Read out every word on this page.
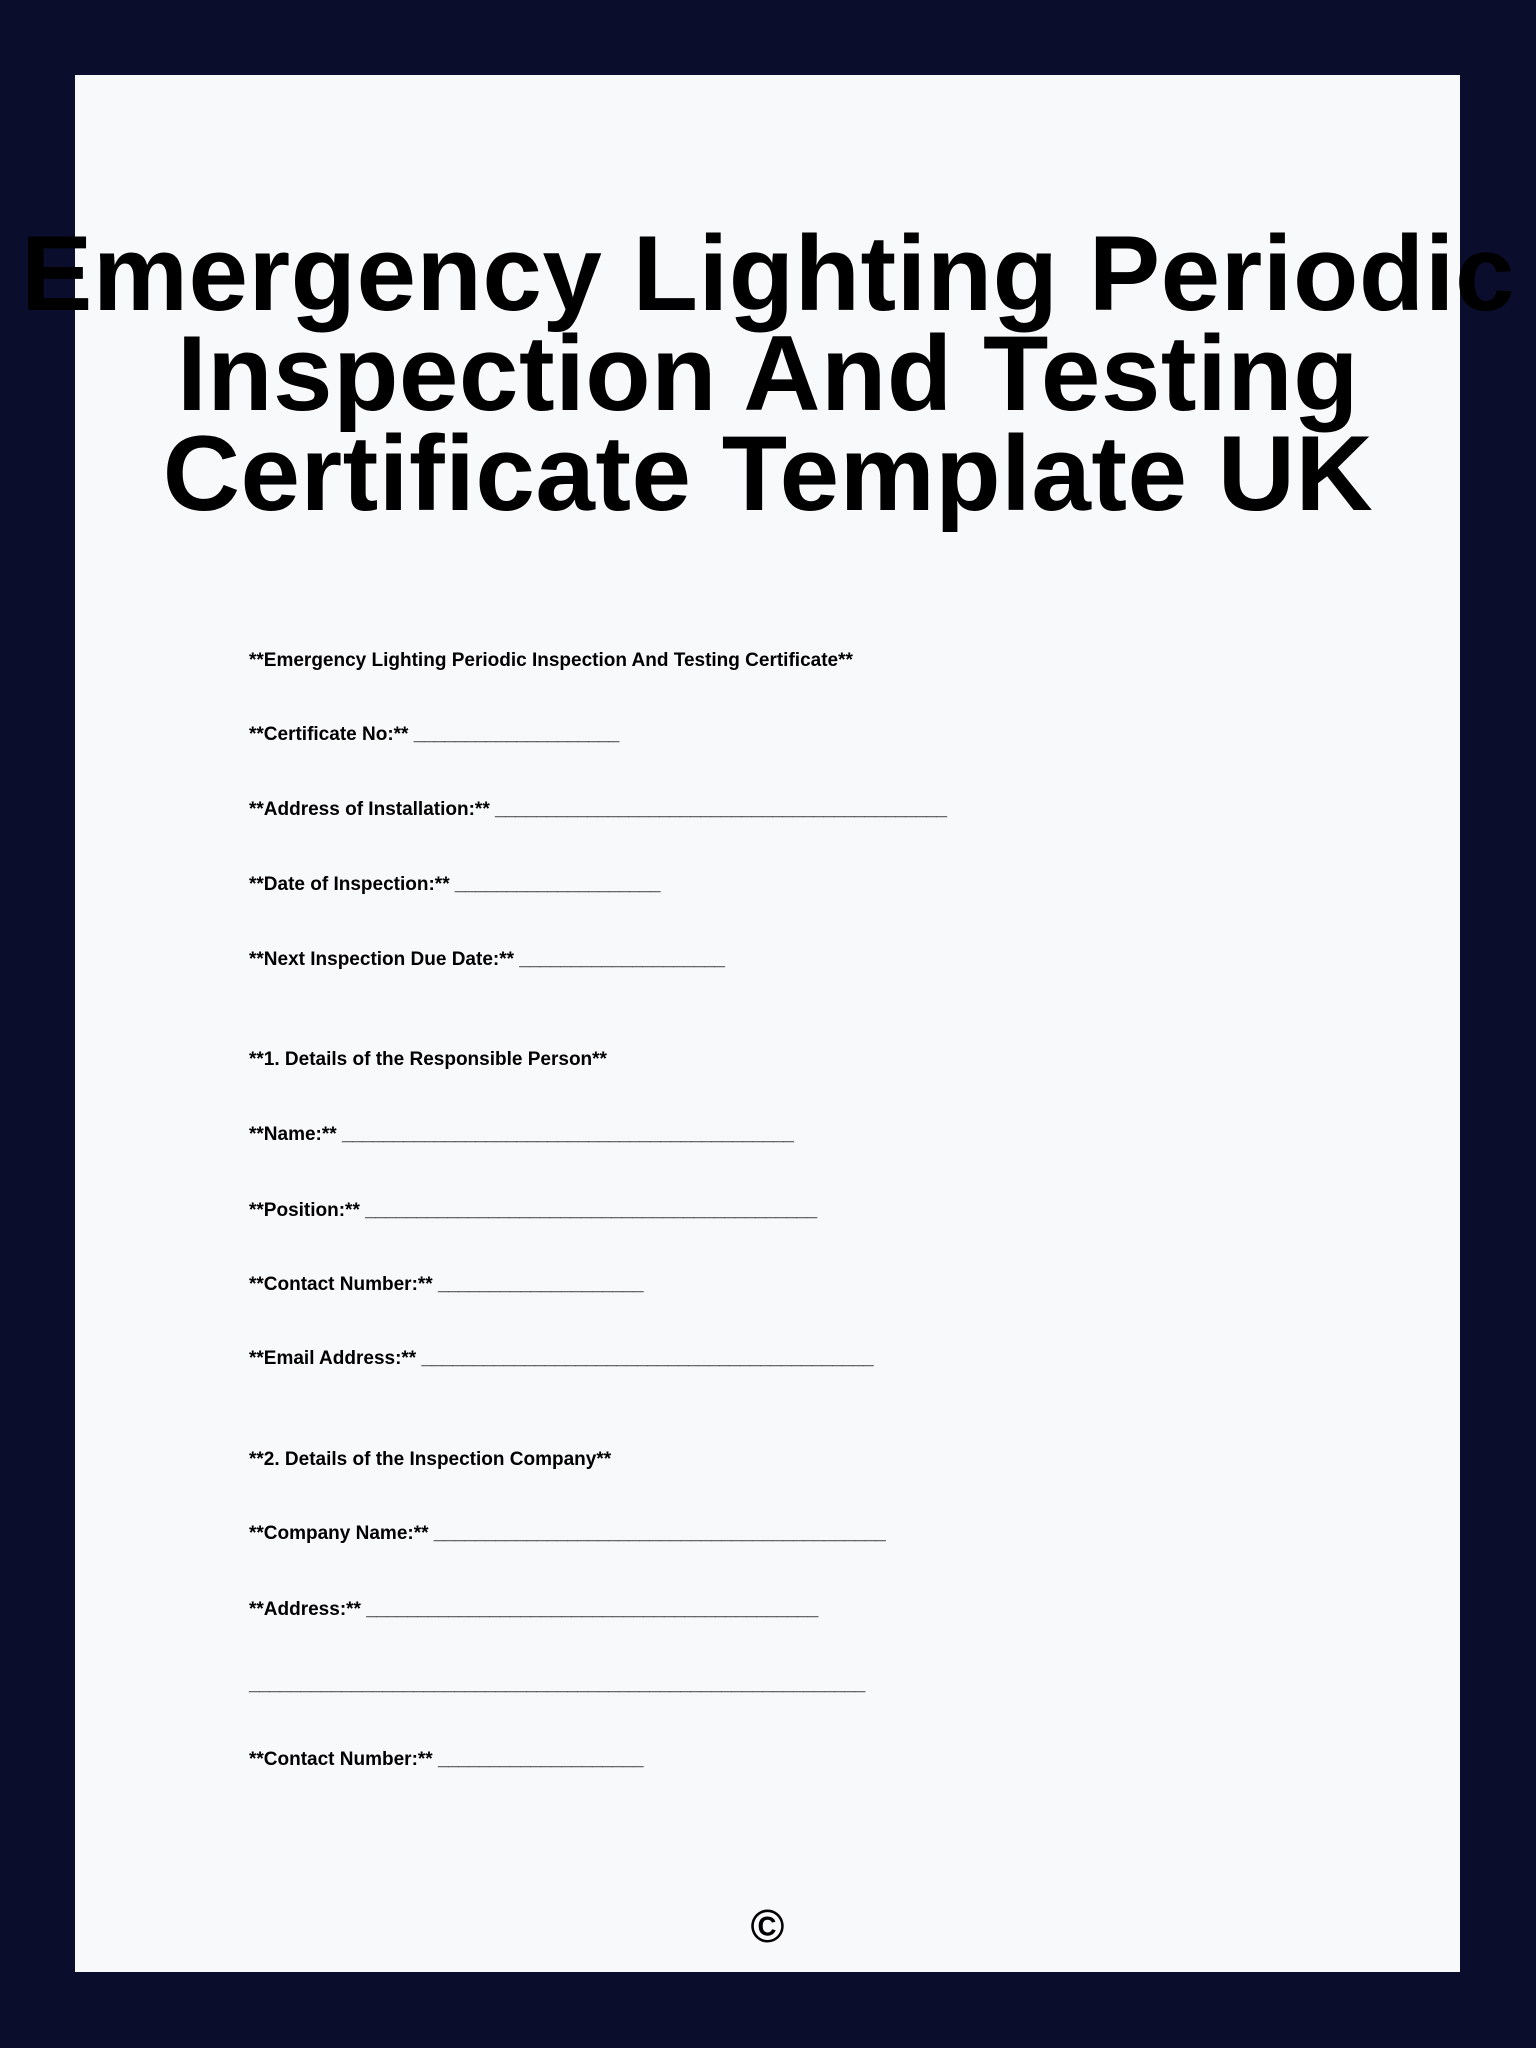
Emergency Lighting Periodic
Inspection And Testing
Certificate Template UK
**Emergency Lighting Periodic Inspection And Testing Certificate**
**Certificate No:** ____________________
**Address of Installation:** ____________________________________________
**Date of Inspection:** ____________________
**Next Inspection Due Date:** ____________________
**1. Details of the Responsible Person**
**Name:** ____________________________________________
**Position:** ____________________________________________
**Contact Number:** ____________________
**Email Address:** ____________________________________________
**2. Details of the Inspection Company**
**Company Name:** ____________________________________________
**Address:** ____________________________________________
____________________________________________________________
**Contact Number:** ____________________
©
